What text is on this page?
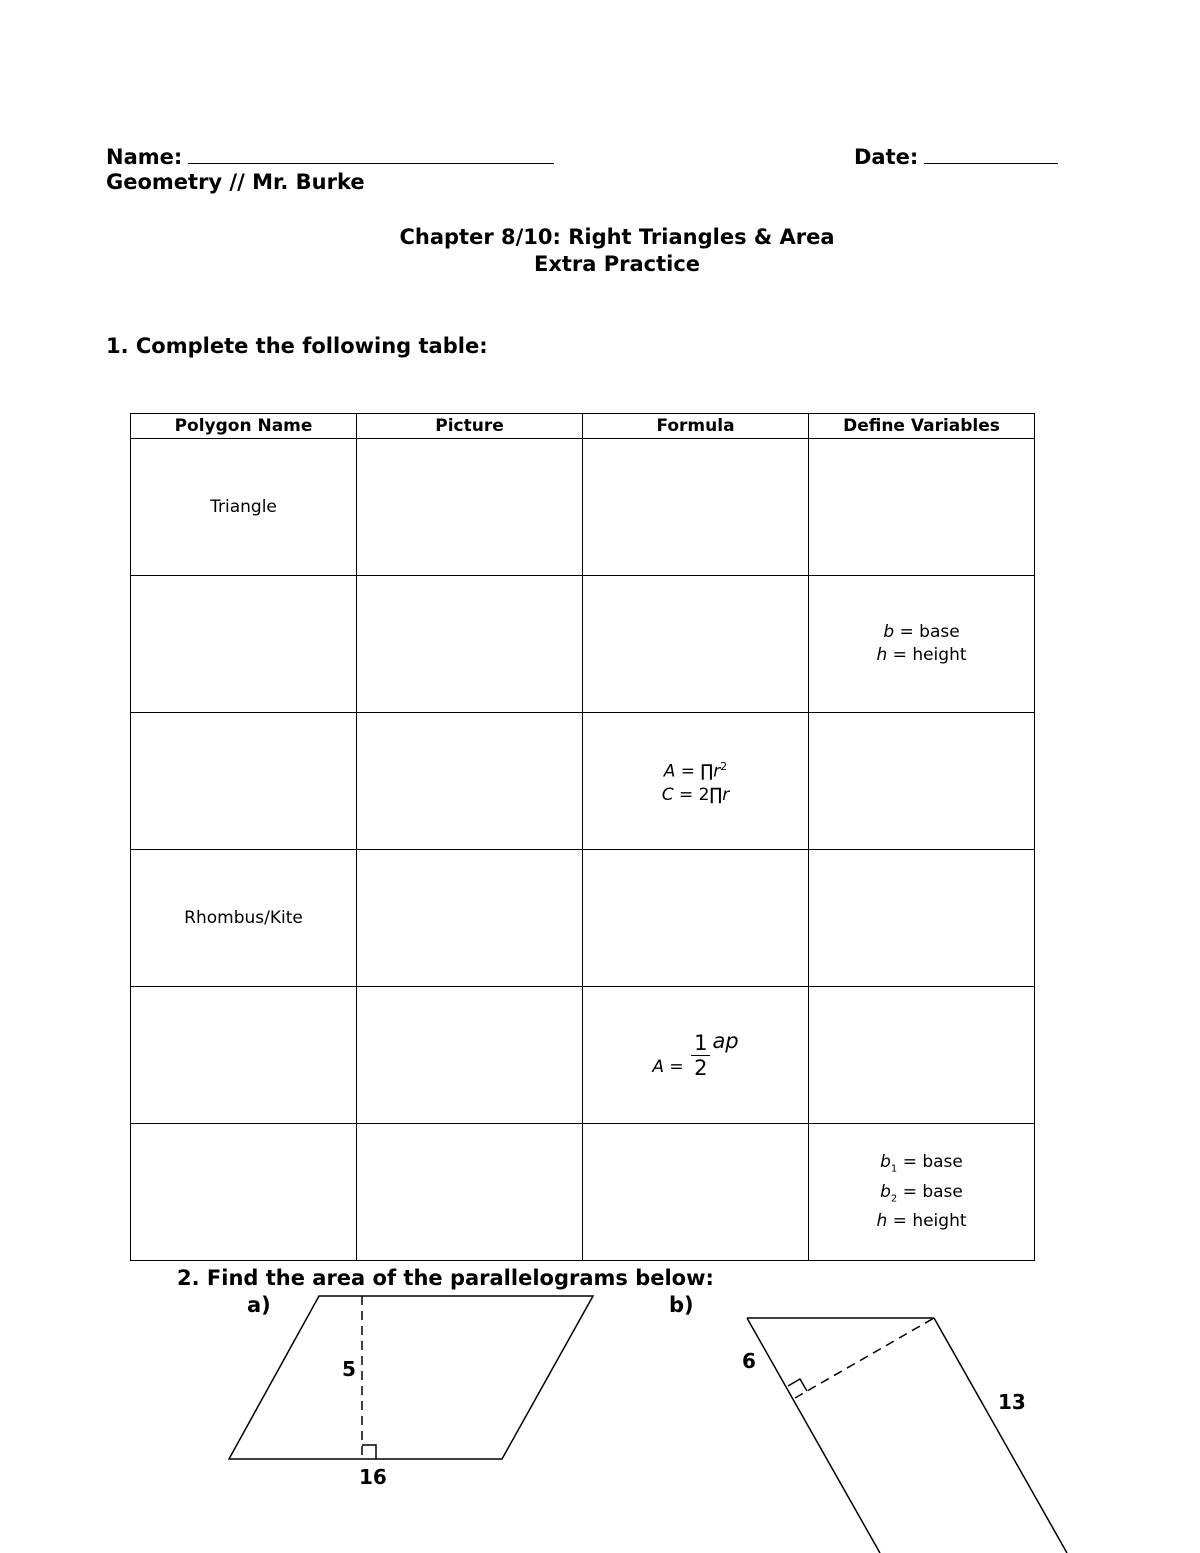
Name:	Date:
Geometry // Mr. Burke
Chapter 8/10: Right Triangles & Area
Extra Practice
1. Complete the following table:
Polygon Name	Picture	Formula	Define Variables
Triangle			

			b = base
h = height

		$A = \prod r^2$
C = 2∏r	

Rhombus/Kite			
		$A = \frac{1}{2}$ ap	

			$b_1$ = base
$b_2$ = base
h = height
2. Find the area of the parallelograms below:
a)	b)
5
16
6
13
